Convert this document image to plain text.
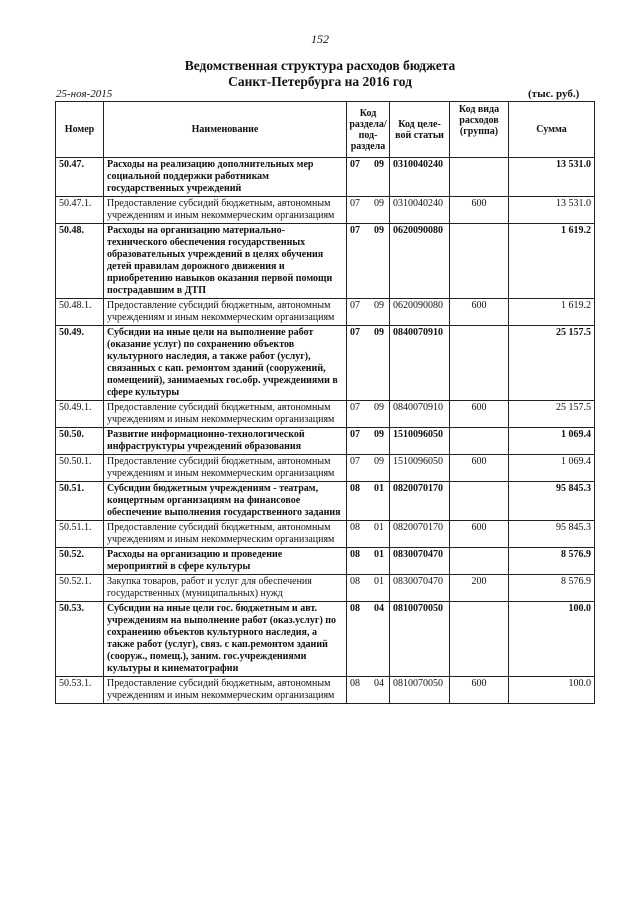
152
Ведомственная структура расходов бюджета
Санкт-Петербурга на 2016 год
25-ноя-2015	(тыс. руб.)
Номер	Наименование	Код раздела/ под- раздела	Код целе- вой статьи	Код вида расходов (группа)	Сумма
50.47.	Расходы на реализацию дополнительных мер социальной поддержки работникам государственных учреждений	07 09	0310040240		13 531.0
50.47.1.	Предоставление субсидий бюджетным, автономным учреждениям и иным некоммерческим организациям	07 09	0310040240	600	13 531.0
50.48.	Расходы на организацию материально-технического обеспечения государственных образовательных учреждений в целях обучения детей правилам дорожного движения и приобретению навыков оказания первой помощи пострадавшим в ДТП	07 09	0620090080		1 619.2
50.48.1.	Предоставление субсидий бюджетным, автономным учреждениям и иным некоммерческим организациям	07 09	0620090080	600	1 619.2
50.49.	Субсидии на иные цели на выполнение работ (оказание услуг) по сохранению объектов культурного наследия, а также работ (услуг), связанных с кап. ремонтом зданий (сооружений, помещений), занимаемых гос.обр. учреждениями в сфере культуры	07 09	0840070910		25 157.5
50.49.1.	Предоставление субсидий бюджетным, автономным учреждениям и иным некоммерческим организациям	07 09	0840070910	600	25 157.5
50.50.	Развитие информационно-технологической инфраструктуры учреждений образования	07 09	1510096050		1 069.4
50.50.1.	Предоставление субсидий бюджетным, автономным учреждениям и иным некоммерческим организациям	07 09	1510096050	600	1 069.4
50.51.	Субсидии бюджетным учреждениям - театрам, концертным организациям на финансовое обеспечение выполнения государственного задания	08 01	0820070170		95 845.3
50.51.1.	Предоставление субсидий бюджетным, автономным учреждениям и иным некоммерческим организациям	08 01	0820070170	600	95 845.3
50.52.	Расходы на организацию и проведение мероприятий в сфере культуры	08 01	0830070470		8 576.9
50.52.1.	Закупка товаров, работ и услуг для обеспечения государственных (муниципальных) нужд	08 01	0830070470	200	8 576.9
50.53.	Субсидии на иные цели гос. бюджетным и авт. учреждениям на выполнение работ (оказ.услуг) по сохранению объектов культурного наследия, а также работ (услуг), связ. с кап.ремонтом зданий (сооруж., помещ.), заним. гос.учреждениями культуры и кинематографии	08 04	0810070050		100.0
50.53.1.	Предоставление субсидий бюджетным, автономным учреждениям и иным некоммерческим организациям	08 04	0810070050	600	100.0
